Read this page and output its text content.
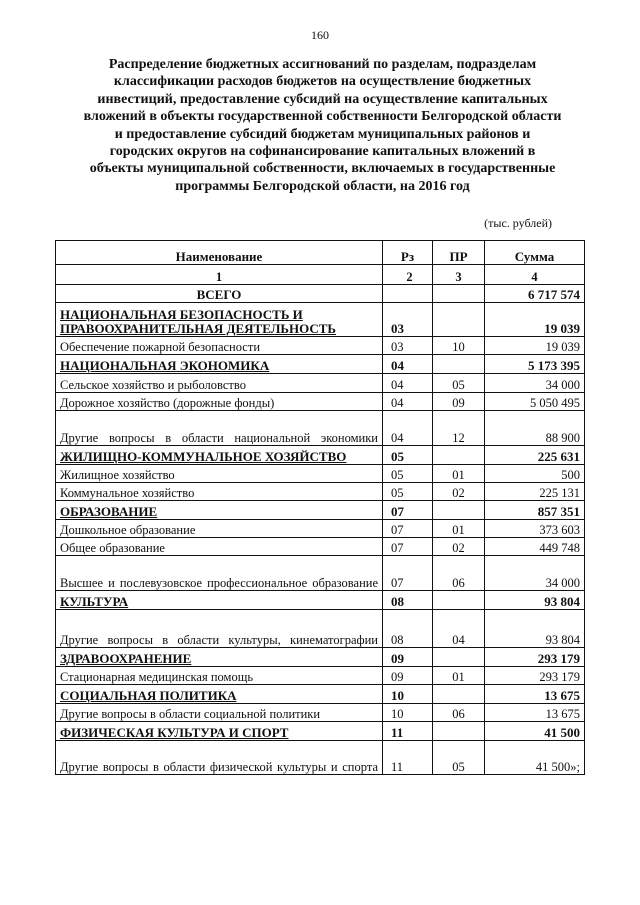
160
Распределение бюджетных ассигнований по разделам, подразделам
классификации расходов бюджетов на осуществление бюджетных
инвестиций, предоставление субсидий на осуществление капитальных
вложений в объекты государственной собственности Белгородской области
и предоставление субсидий бюджетам муниципальных районов и
городских округов на софинансирование капитальных вложений в
объекты муниципальной собственности, включаемых в государственные
программы Белгородской области, на 2016 год
(тыс. рублей)
Наименование	Рз	ПР	Сумма
1	2	3	4
ВСЕГО			6 717 574
НАЦИОНАЛЬНАЯ БЕЗОПАСНОСТЬ И ПРАВООХРАНИТЕЛЬНАЯ ДЕЯТЕЛЬНОСТЬ	03		19 039
Обеспечение пожарной безопасности	03	10	19 039
НАЦИОНАЛЬНАЯ ЭКОНОМИКА	04		5 173 395
Сельское хозяйство и рыболовство	04	05	34 000
Дорожное хозяйство (дорожные фонды)	04	09	5 050 495
Другие вопросы в области национальной экономики	04	12	88 900
ЖИЛИЩНО-КОММУНАЛЬНОЕ ХОЗЯЙСТВО	05		225 631
Жилищное хозяйство	05	01	500
Коммунальное хозяйство	05	02	225 131
ОБРАЗОВАНИЕ	07		857 351
Дошкольное образование	07	01	373 603
Общее образование	07	02	449 748
Высшее и послевузовское профессиональное образование	07	06	34 000
КУЛЬТУРА	08		93 804
Другие вопросы в области культуры, кинематографии	08	04	93 804
ЗДРАВООХРАНЕНИЕ	09		293 179
Стационарная медицинская помощь	09	01	293 179
СОЦИАЛЬНАЯ ПОЛИТИКА	10		13 675
Другие вопросы в области социальной политики	10	06	13 675
ФИЗИЧЕСКАЯ КУЛЬТУРА И СПОРТ	11		41 500
Другие вопросы в области физической культуры и спорта	11	05	41 500»;
